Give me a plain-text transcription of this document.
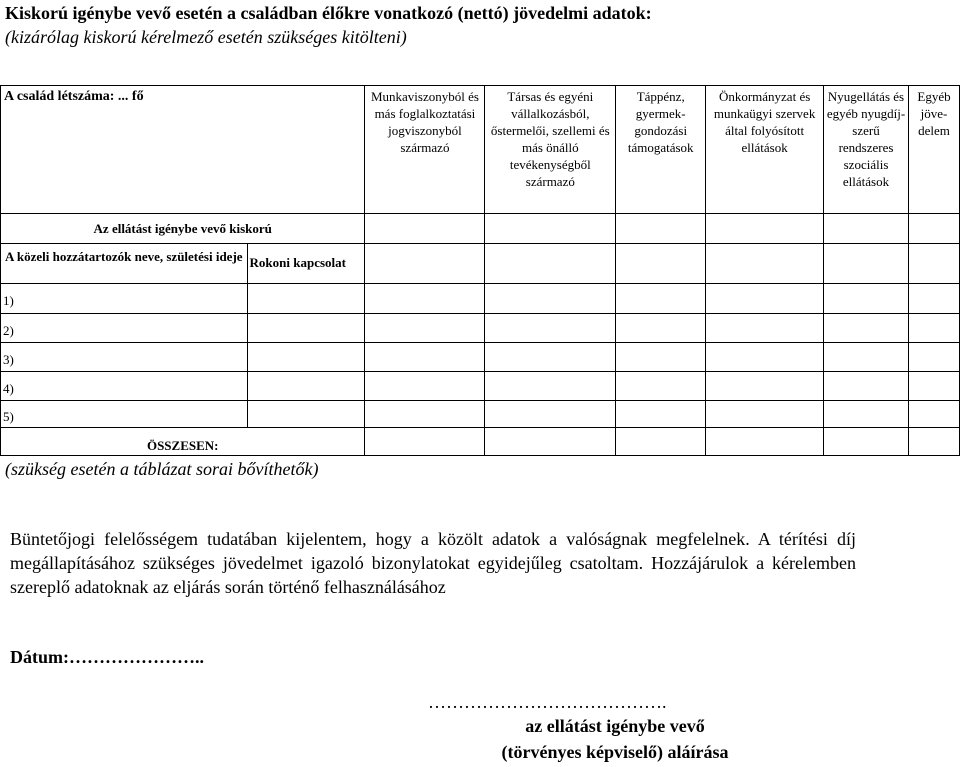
Kiskorú igénybe vevő esetén a családban élőkre vonatkozó (nettó) jövedelmi adatok:
(kizárólag kiskorú kérelmező esetén szükséges kitölteni)
A család létszáma: ... fő		Munkaviszonyból és más foglalkoztatási jogviszonyból származó	Társas és egyéni vállalkozásból, őstermelői, szellemi és más önálló tevékenységből származó	Táppénz, gyermek-gondozási támogatások	Önkormányzat és munkaügyi szervek által folyósított ellátások	Nyugellátás és egyéb nyugdíj-szerű rendszeres szociális ellátások	Egyéb jöve-delem
Az ellátást igénybe vevő kiskorú							
A közeli hozzátartozók neve, születési ideje	Rokoni kapcsolat						
1)							
2)							
3)							
4)							
5)							
ÖSSZESEN:							
(szükség esetén a táblázat sorai bővíthetők)
Büntetőjogi felelősségem tudatában kijelentem, hogy a közölt adatok a valóságnak megfelelnek. A térítési díj megállapításához szükséges jövedelmet igazoló bizonylatokat egyidejűleg csatoltam. Hozzájárulok a kérelemben szereplő adatoknak az eljárás során történő felhasználásához
Dátum:…………………..
………………………………….
az ellátást igénybe vevő
(törvényes képviselő) aláírása
